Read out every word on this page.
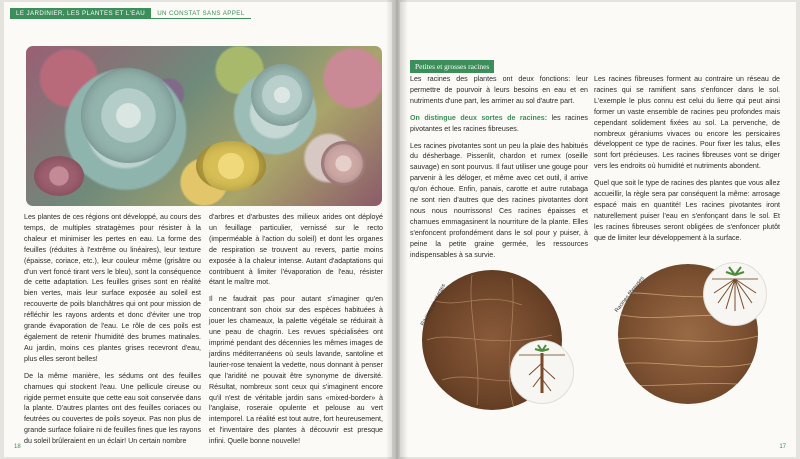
LE JARDINIER, LES PLANTES ET L'EAU	UN CONSTAT SANS APPEL

Les plantes de ces régions ont développé, au cours des temps, de multiples stratagèmes pour résister à la chaleur et minimiser les pertes en eau. La forme des feuilles (réduites à l'extrême ou linéaires), leur texture (épaisse, coriace, etc.), leur couleur même (grisâtre ou d'un vert foncé tirant vers le bleu), sont la conséquence de cette adaptation. Les feuilles grises sont en réalité bien vertes, mais leur surface exposée au soleil est recouverte de poils blanchâtres qui ont pour mission de réfléchir les rayons ardents et donc d'éviter une trop grande évaporation de l'eau. Le rôle de ces poils est également de retenir l'humidité des brumes matinales. Au jardin, moins ces plantes grises recevront d'eau, plus elles seront belles!

De la même manière, les sédums ont des feuilles charnues qui stockent l'eau. Une pellicule cireuse ou rigide permet ensuite que cette eau soit conservée dans la plante. D'autres plantes ont des feuilles coriaces ou feutrées ou couvertes de poils soyeux. Pas non plus de grande surface foliaire ni de feuilles fines que les rayons du soleil brûleraient en un éclair! Un certain nombre

d'arbres et d'arbustes des milieux arides ont déployé un feuillage particulier, vernissé sur le recto (imperméable à l'action du soleil) et dont les organes de respiration se trouvent au revers, partie moins exposée à la chaleur intense. Autant d'adaptations qui contribuent à limiter l'évaporation de l'eau, résister étant le maître mot.

Il ne faudrait pas pour autant s'imaginer qu'en concentrant son choix sur des espèces habituées à jouer les chameaux, la palette végétale se réduirait à une peau de chagrin. Les revues spécialisées ont imprimé pendant des décennies les mêmes images de jardins méditerranéens où seuls lavande, santoline et laurier-rose tenaient la vedette, nous donnant à penser que l'aridité ne pouvait être synonyme de diversité. Résultat, nombreux sont ceux qui s'imaginent encore qu'il n'est de véritable jardin sans «mixed-border» à l'anglaise, roseraie opulente et pelouse au vert intemporel. La réalité est tout autre, fort heureusement, et l'inventaire des plantes à découvrir est presque infini. Quelle bonne nouvelle!

18
Petites et grosses racines

Les racines des plantes ont deux fonctions: leur permettre de pourvoir à leurs besoins en eau et en nutriments d'une part, les arrimer au sol d'autre part.

On distingue deux sortes de racines: les racines pivotantes et les racines fibreuses.

Les racines pivotantes sont un peu la plaie des habitués du désherbage. Pissenlit, chardon et rumex (oseille sauvage) en sont pourvus. Il faut utiliser une gouge pour parvenir à les déloger, et même avec cet outil, il arrive qu'on échoue. Enfin, panais, carotte et autre rutabaga ne sont rien d'autres que des racines pivotantes dont nous nous nourrissons! Ces racines épaisses et charnues emmagasinent la nourriture de la plante. Elles s'enfoncent profondément dans le sol pour y puiser, à peine la petite graine germée, les ressources indispensables à sa survie.

Les racines fibreuses forment au contraire un réseau de racines qui se ramifient sans s'enfoncer dans le sol. L'exemple le plus connu est celui du lierre qui peut ainsi former un vaste ensemble de racines peu profondes mais cependant solidement fixées au sol. La pervenche, de nombreux géraniums vivaces ou encore les persicaires développent ce type de racines. Pour fixer les talus, elles sont fort précieuses. Les racines fibreuses vont se diriger vers les endroits où humidité et nutriments abondent.

Quel que soit le type de racines des plantes que vous allez accueillir, la règle sera par conséquent la même: arrosage espacé mais en quantité! Les racines pivotantes iront naturellement puiser l'eau en s'enfonçant dans le sol. Et les racines fibreuses seront obligées de s'enfoncer plutôt que de limiter leur développement à la surface.

Racines pivotantes	Racines fibreuses
17
